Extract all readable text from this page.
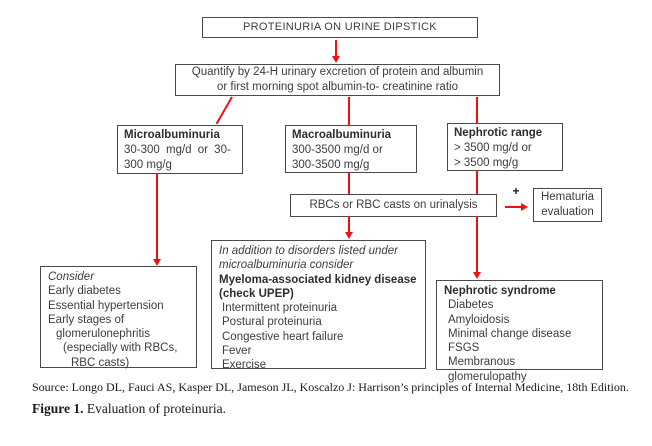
PROTEINURIA ON URINE DIPSTICK
Quantify by 24-H urinary excretion of protein and albumin
or first morning spot albumin-to- creatinine ratio
Microalbuminuria
30-300 mg/d or 30-
300 mg/g
Macroalbuminuria
300-3500 mg/d or
300-3500 mg/g
Nephrotic range
> 3500 mg/d or
> 3500 mg/g
RBCs or RBC casts on urinalysis
Hematuria
evaluation
Consider
Early diabetes
Essential hypertension
Early stages of
glomerulonephritis
(especially with RBCs,
RBC casts)
In addition to disorders listed under
microalbuminuria consider
Myeloma-associated kidney disease
(check UPEP)
Intermittent proteinuria
Postural proteinuria
Congestive heart failure
Fever
Exercise
Nephrotic syndrome
Diabetes
Amyloidosis
Minimal change disease
FSGS
Membranous glomerulopathy
+
Source: Longo DL, Fauci AS, Kasper DL, Jameson JL, Koscalzo J: Harrison’s principles of Internal Medicine, 18th Edition.
Figure 1. Evaluation of proteinuria.
